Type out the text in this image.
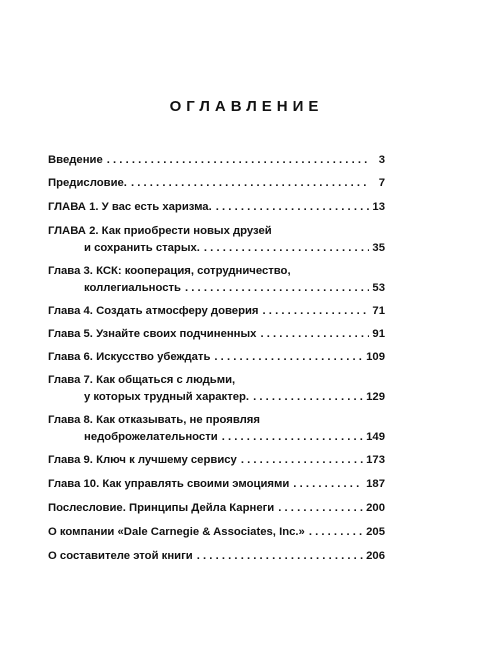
ОГЛАВЛЕНИЕ
Введение . . .	3
Предисловие. . . .	7
ГЛАВА 1. У вас есть харизма. . . .	13
ГЛАВА 2. Как приобрести новых друзей
и сохранить старых. . . .	35
Глава 3. КСК: кооперация, сотрудничество,
коллегиальность . . .	53
Глава 4. Создать атмосферу доверия . . .	71
Глава 5. Узнайте своих подчиненных . . .	91
Глава 6. Искусство убеждать . . .	109
Глава 7. Как общаться с людьми,
у которых трудный характер. . . .	129
Глава 8. Как отказывать, не проявляя
недоброжелательности . . .	149
Глава 9. Ключ к лучшему сервису . . .	173
Глава 10. Как управлять своими эмоциями . . .	187
Послесловие. Принципы Дейла Карнеги . . .	200
О компании «Dale Carnegie & Associates, Inc.» . . .	205
О составителе этой книги . . .	206
